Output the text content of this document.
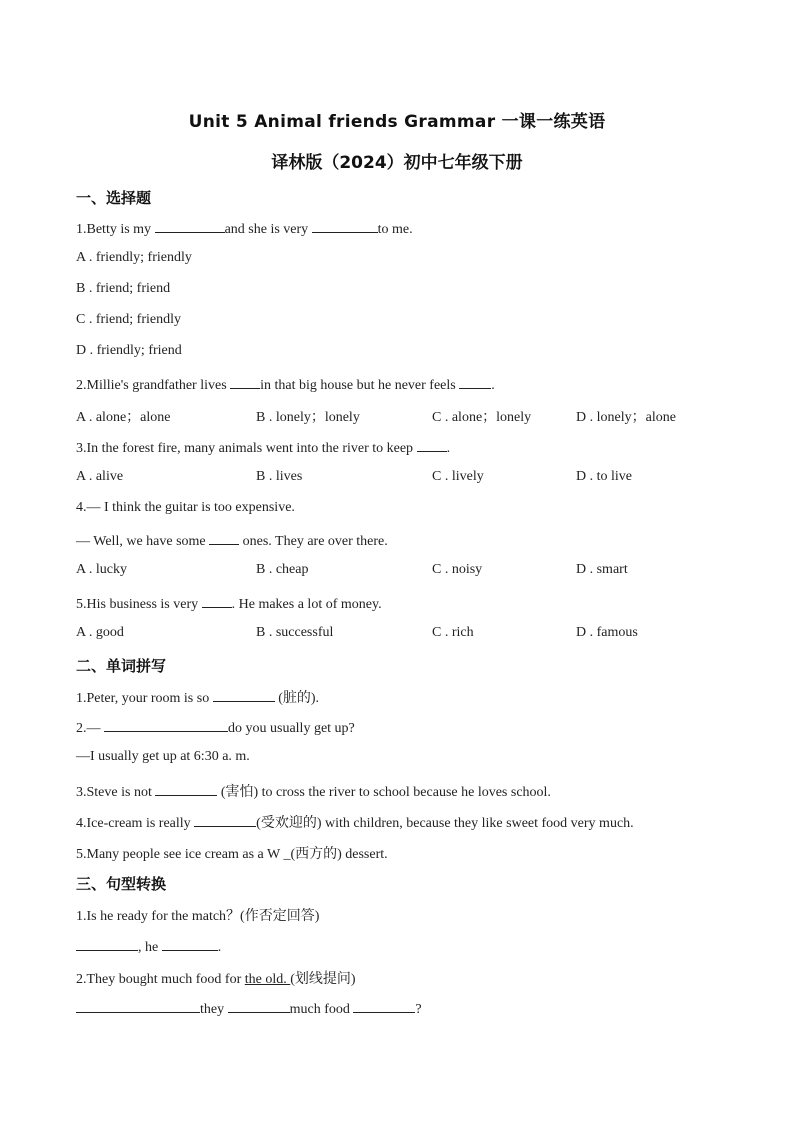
Unit 5 Animal friends Grammar 一课一练英语
译林版（2024）初中七年级下册
一、选择题
1.Betty is my	and she is very	to me.
A . friendly; friendly
B . friend; friend
C . friend; friendly
D . friendly; friend
2.Millie's grandfather lives in that big house but he never feels .
A . alone；alone	B . lonely；lonely	C . alone；lonely	D . lonely；alone
3.In the forest fire, many animals went into the river to keep .
A . alive	B . lives	C . lively	D . to live
4.— I think the guitar is too expensive.
— Well, we have some  ones. They are over there.
A . lucky	B . cheap	C . noisy	D . smart
5.His business is very . He makes a lot of money.
A . good	B . successful	C . rich	D . famous
二、单词拼写
1.Peter, your room is so	(脏的).
2.—	do you usually get up?
—I usually get up at 6:30 a. m.
3.Steve is not	(害怕) to cross the river to school because he loves school.
4.Ice-cream is really	(受欢迎的) with children, because they like sweet food very much.
5.Many people see ice cream as a W _(西方的) dessert.
三、句型转换
1.Is he ready for the match？(作否定回答)
, he	.
2.They bought much food for the old. (划线提问)
they	much food	?
